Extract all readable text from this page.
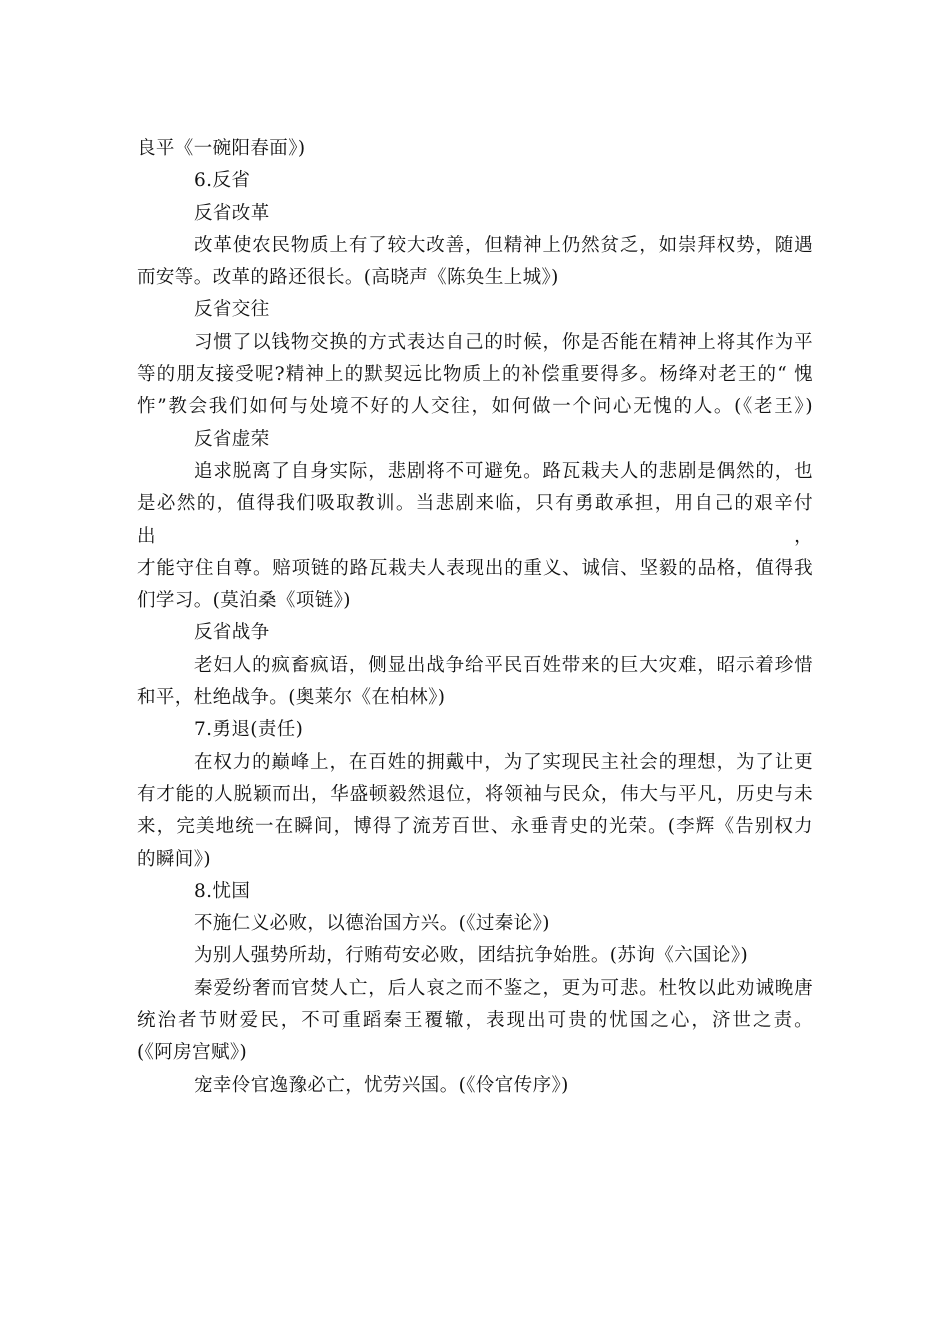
良平《一碗阳春面》)
6.反省
反省改革
改革使农民物质上有了较大改善，但精神上仍然贫乏，如崇拜权势，随遇
而安等。改革的路还很长。(高晓声《陈奂生上城》)
反省交往
习惯了以钱物交换的方式表达自己的时候，你是否能在精神上将其作为平
等的朋友接受呢?精神上的默契远比物质上的补偿重要得多。杨绛对老王的“ 愧
怍”教会我们如何与处境不好的人交往，如何做一个问心无愧的人。(《老王》)
反省虚荣
追求脱离了自身实际，悲剧将不可避免。路瓦栽夫人的悲剧是偶然的，也
是必然的，值得我们吸取教训。当悲剧来临，只有勇敢承担，用自己的艰辛付出，
才能守住自尊。赔项链的路瓦栽夫人表现出的重义、诚信、坚毅的品格，值得我
们学习。(莫泊桑《项链》)
反省战争
老妇人的疯畜疯语，侧显出战争给平民百姓带来的巨大灾难，昭示着珍惜
和平，杜绝战争。(奥莱尔《在柏林》)
7.勇退(责任)
在权力的巅峰上，在百姓的拥戴中，为了实现民主社会的理想，为了让更
有才能的人脱颖而出，华盛顿毅然退位，将领袖与民众，伟大与平凡，历史与未
来，完美地统一在瞬间，博得了流芳百世、永垂青史的光荣。(李辉《告别权力
的瞬间》)
8.忧国
不施仁义必败，以德治国方兴。(《过秦论》)
为别人强势所劫，行贿苟安必败，团结抗争始胜。(苏询《六国论》)
秦爱纷奢而官焚人亡，后人哀之而不鉴之，更为可悲。杜牧以此劝诫晚唐
统治者节财爱民，不可重蹈秦王覆辙，表现出可贵的忧国之心，济世之责。
(《阿房宫赋》)
宠幸伶官逸豫必亡，忧劳兴国。(《伶官传序》)
